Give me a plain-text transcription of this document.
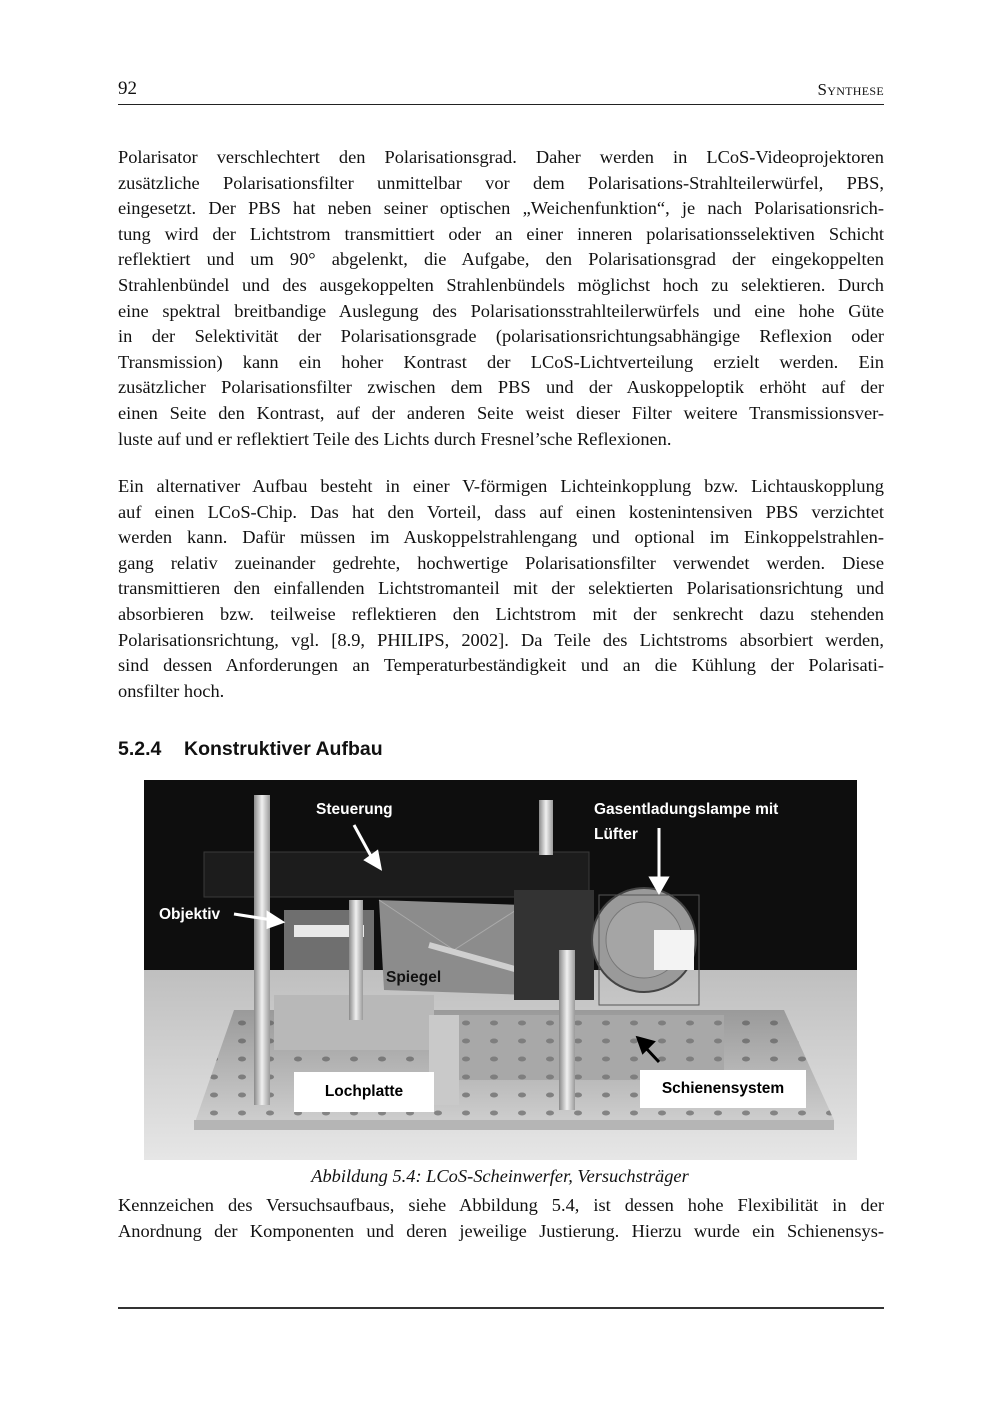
92	Synthese
Polarisator verschlechtert den Polarisationsgrad. Daher werden in LCoS-Videoprojektoren
zusätzliche Polarisationsfilter unmittelbar vor dem Polarisations-Strahlteilerwürfel, PBS,
eingesetzt. Der PBS hat neben seiner optischen „Weichenfunktion“, je nach Polarisationsrich-
tung wird der Lichtstrom transmittiert oder an einer inneren polarisationsselektiven Schicht
reflektiert und um 90° abgelenkt, die Aufgabe, den Polarisationsgrad der eingekoppelten
Strahlenbündel und des ausgekoppelten Strahlenbündels möglichst hoch zu selektieren. Durch
eine spektral breitbandige Auslegung des Polarisationsstrahlteilerwürfels und eine hohe Güte
in der Selektivität der Polarisationsgrade (polarisationsrichtungsabhängige Reflexion oder
Transmission) kann ein hoher Kontrast der LCoS-Lichtverteilung erzielt werden. Ein
zusätzlicher Polarisationsfilter zwischen dem PBS und der Auskoppeloptik erhöht auf der
einen Seite den Kontrast, auf der anderen Seite weist dieser Filter weitere Transmissionsver-
luste auf und er reflektiert Teile des Lichts durch Fresnel’sche Reflexionen.
Ein alternativer Aufbau besteht in einer V-förmigen Lichteinkopplung bzw. Lichtauskopplung
auf einen LCoS-Chip. Das hat den Vorteil, dass auf einen kostenintensiven PBS verzichtet
werden kann. Dafür müssen im Auskoppelstrahlengang und optional im Einkoppelstrahlen-
gang relativ zueinander gedrehte, hochwertige Polarisationsfilter verwendet werden. Diese
transmittieren den einfallenden Lichtstromanteil mit der selektierten Polarisationsrichtung und
absorbieren bzw. teilweise reflektieren den Lichtstrom mit der senkrecht dazu stehenden
Polarisationsrichtung, vgl. [8.9, PHILIPS, 2002]. Da Teile des Lichtstroms absorbiert werden,
sind dessen Anforderungen an Temperaturbeständigkeit und an die Kühlung der Polarisati-
onsfilter hoch.
5.2.4 Konstruktiver Aufbau
Steuerung	Gasentladungslampe mit
Lüfter
Objektiv
Spiegel
Lochplatte	Schienensystem
Abbildung 5.4: LCoS-Scheinwerfer, Versuchsträger
Kennzeichen des Versuchsaufbaus, siehe Abbildung 5.4, ist dessen hohe Flexibilität in der
Anordnung der Komponenten und deren jeweilige Justierung. Hierzu wurde ein Schienensys-
